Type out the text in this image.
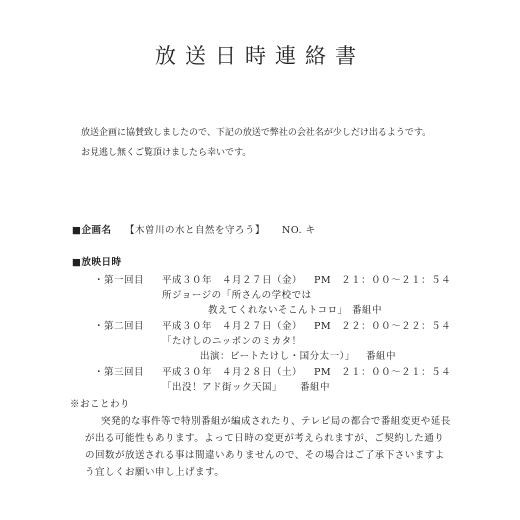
放送日時連絡書
放送企画に協賛致しましたので、下記の放送で弊社の会社名が少しだけ出るようです。
お見逃し無くご覧頂けましたら幸いです。
■企画名 【木曽川の水と自然を守ろう】 NO. キ
■放映日時
・第一回目 平成３０年　４月２７日（金） PM　２１：００～２１：５４
所ジョージの「所さんの学校では
教えてくれないそこんトコロ」 番組中
・第二回目 平成３０年　４月２７日（金） PM　２２：００～２２：５４
「たけしのニッポンのミカタ！
出演：ビートたけし・国分太一）」 番組中
・第三回目 平成３０年　４月２８日（土） PM　２１：００～２１：５４
「出没！アド街ック天国」 番組中
※おことわり
突発的な事件等で特別番組が編成されたり、テレビ局の都合で番組変更や延長
が出る可能性もあります。よって日時の変更が考えられますが、ご契約した通り
の回数が放送される事は間違いありませんので、その場合はご了承下さいますよ
う宜しくお願い申し上げます。
